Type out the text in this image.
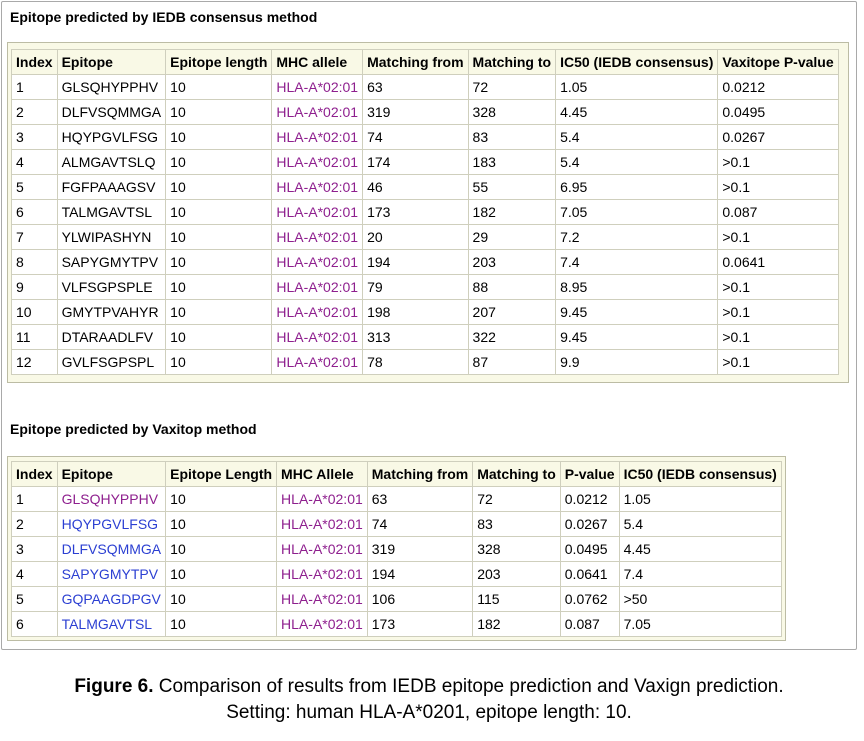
Epitope predicted by IEDB consensus method
Index	Epitope	Epitope length	MHC allele	Matching from	Matching to	IC50 (IEDB consensus)	Vaxitope P-value
1	GLSQHYPPHV	10	HLA-A*02:01	63	72	1.05	0.0212
2	DLFVSQMMGA	10	HLA-A*02:01	319	328	4.45	0.0495
3	HQYPGVLFSG	10	HLA-A*02:01	74	83	5.4	0.0267
4	ALMGAVTSLQ	10	HLA-A*02:01	174	183	5.4	>0.1
5	FGFPAAAGSV	10	HLA-A*02:01	46	55	6.95	>0.1
6	TALMGAVTSL	10	HLA-A*02:01	173	182	7.05	0.087
7	YLWIPASHYN	10	HLA-A*02:01	20	29	7.2	>0.1
8	SAPYGMYTPV	10	HLA-A*02:01	194	203	7.4	0.0641
9	VLFSGPSPLE	10	HLA-A*02:01	79	88	8.95	>0.1
10	GMYTPVAHYR	10	HLA-A*02:01	198	207	9.45	>0.1
11	DTARAADLFV	10	HLA-A*02:01	313	322	9.45	>0.1
12	GVLFSGPSPL	10	HLA-A*02:01	78	87	9.9	>0.1
Epitope predicted by Vaxitop method
Index	Epitope	Epitope Length	MHC Allele	Matching from	Matching to	P-value	IC50 (IEDB consensus)
1	GLSQHYPPHV	10	HLA-A*02:01	63	72	0.0212	1.05
2	HQYPGVLFSG	10	HLA-A*02:01	74	83	0.0267	5.4
3	DLFVSQMMGA	10	HLA-A*02:01	319	328	0.0495	4.45
4	SAPYGMYTPV	10	HLA-A*02:01	194	203	0.0641	7.4
5	GQPAAGDPGV	10	HLA-A*02:01	106	115	0.0762	>50
6	TALMGAVTSL	10	HLA-A*02:01	173	182	0.087	7.05
Figure 6. Comparison of results from IEDB epitope prediction and Vaxign prediction.
Setting: human HLA-A*0201, epitope length: 10.
